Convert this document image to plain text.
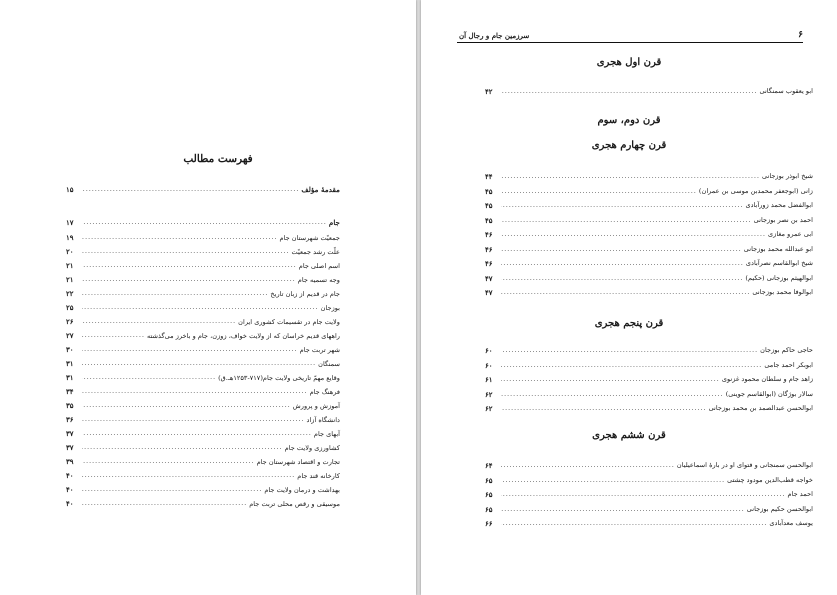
فهرست مطالب
مقدمهٔ مؤلف
.....
۱۵
جام
.....
۱۷
جمعیّت شهرستان جام
.....
۱۹
علّت رشد جمعیّت
.....
۲۰
اسم اصلی جام
.....
۲۱
وجه تسمیه جام
.....
۲۱
جام در قدیم از زبان تاریخ
.....
۲۲
بوزجان
.....
۲۵
ولایت جام در تقسیمات کشوری ایران
.....
۲۶
راههای قدیم خراسان که از ولایت خواف، زوزن، جام و باخرز می‌گذشته
.....
۲۷
شهر تربت جام
.....
۳۰
سمنگان
.....
۳۱
وقایع مهمّ تاریخی ولایت جام(۷۱۷-۱۲۵۳هـ.ق)
.....
۳۱
فرهنگ جام
.....
۳۴
آموزش و پرورش
.....
۳۵
دانشگاه آزاد
.....
۳۶
آبهای جام
.....
۳۷
کشاورزی ولایت جام
.....
۳۷
تجارت و اقتصاد شهرستان جام
.....
۳۹
کارخانه قند جام
.....
۴۰
بهداشت و درمان ولایت جام
.....
۴۰
موسیقی و رقص محلی تربت جام
.....
۴۰
سرزمین جام و رجال آن	۶
قرن اول هجری
ابو یعقوب سمنگانی
.....
۴۲
قرن دوم، سوم
قرن چهارم هجری
شیخ ابوذر بوزجانی
.....
۴۴
زانی (ابوجعفر محمدبن موسی بن عمران)
.....
۴۵
ابوالفضل محمد زورآبادی
.....
۴۵
احمد بن نصر بوزجانی
.....
۴۵
ابی عمرو مغازی
.....
۴۶
ابو عبدالله محمد بوزجانی
.....
۴۶
شیخ ابوالقاسم نصرآبادی
.....
۴۶
ابوالهیثم بوزجانی (حکیم)
.....
۴۷
ابوالوفا محمد بوزجانی
.....
۴۷
قرن پنجم هجری
حاجی حاکم بوزجان
.....
۶۰
ابوبکر احمد جامی
.....
۶۰
زاهد جام و سلطان محمود غزنوی
.....
۶۱
سالار بوژگان (ابوالقاسم جوینی)
.....
۶۲
ابوالحسن عبدالصمد بن محمد بوزجانی
.....
۶۲
قرن ششم هجری
ابوالحسن سمنجانی و فتوای او در بارهٔ اسماعیلیان
.....
۶۴
خواجه قطب‌الدین مودود چشتی
.....
۶۵
احمد جام
.....
۶۵
ابوالحسن حکیم بوزجانی
.....
۶۵
یوسف معدآبادی
.....
۶۶
